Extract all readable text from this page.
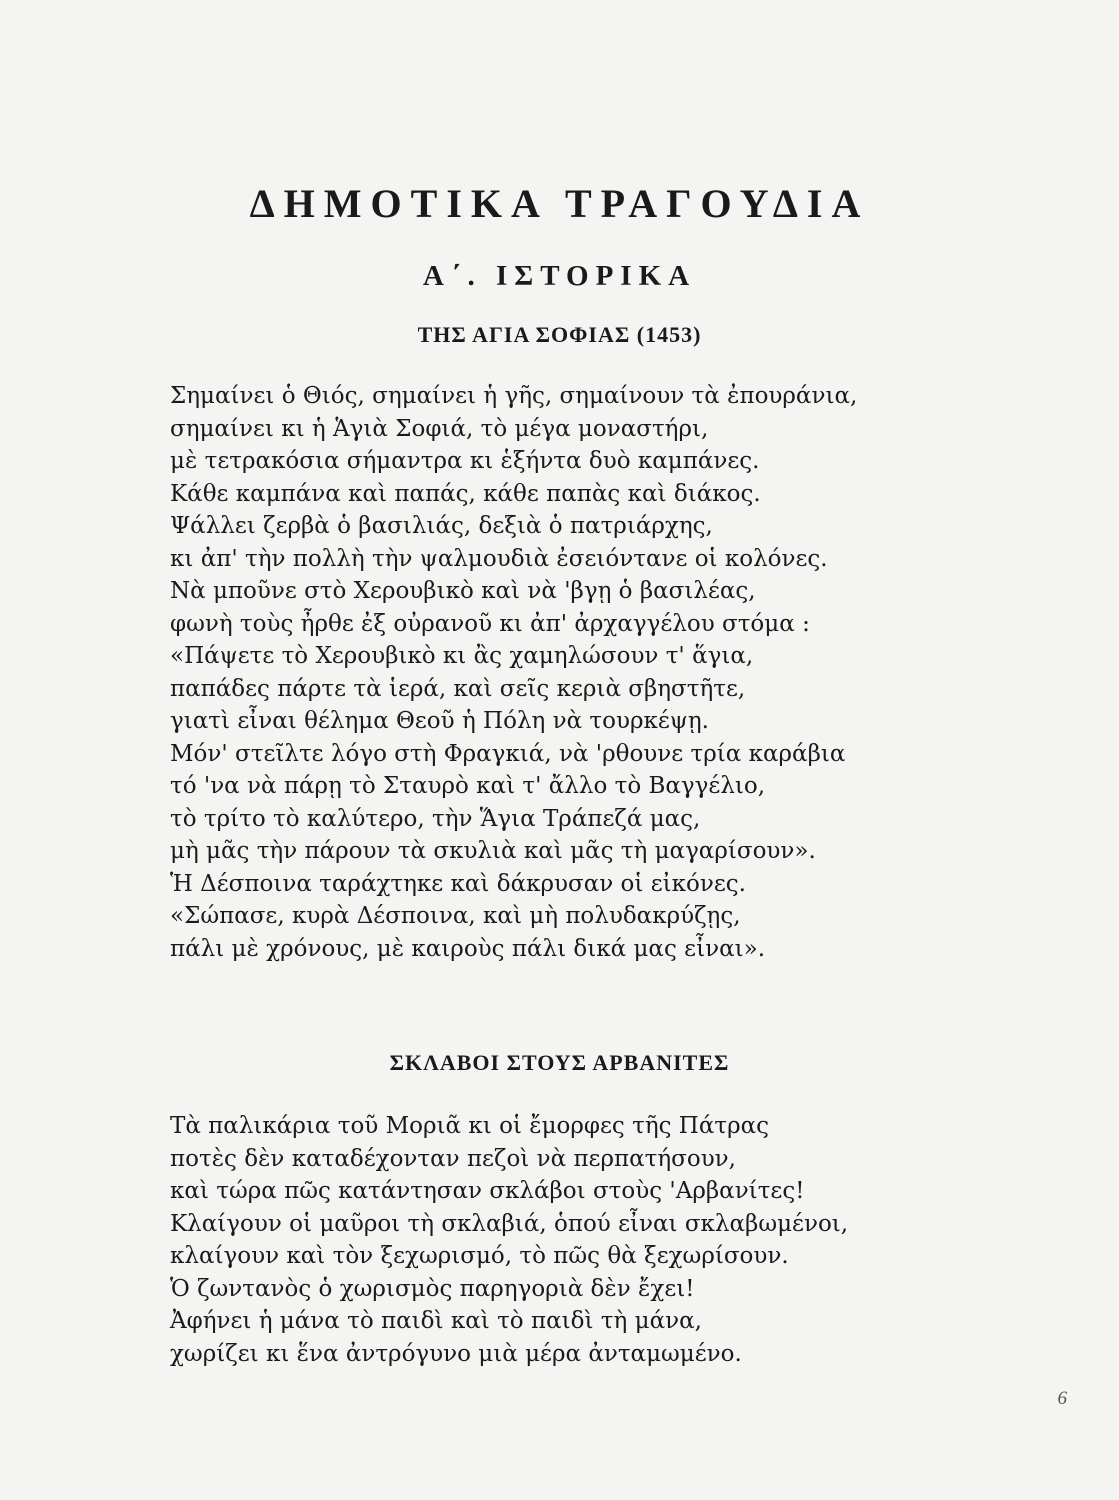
ΔΗΜΟΤΙΚΑ ΤΡΑΓΟΥΔΙΑ
Α΄. ΙΣΤΟΡΙΚΑ
ΤΗΣ ΑΓΙΑ ΣΟΦΙΑΣ (1453)
Σημαίνει ὁ Θιός, σημαίνει ἡ γῆς, σημαίνουν τὰ ἐπουράνια,
σημαίνει κι ἡ Ἁγιὰ Σοφιά, τὸ μέγα μοναστήρι,
μὲ τετρακόσια σήμαντρα κι ἑξήντα δυὸ καμπάνες.
Κάθε καμπάνα καὶ παπάς, κάθε παπὰς καὶ διάκος.
Ψάλλει ζερβὰ ὁ βασιλιάς, δεξιὰ ὁ πατριάρχης,
κι ἀπ' τὴν πολλὴ τὴν ψαλμουδιὰ ἐσειόντανε οἱ κολόνες.
Νὰ μποῦνε στὸ Χερουβικὸ καὶ νὰ 'βγῃ ὁ βασιλέας,
φωνὴ τοὺς ἦρθε ἐξ οὐρανοῦ κι ἀπ' ἀρχαγγέλου στόμα :
«Πάψετε τὸ Χερουβικὸ κι ἂς χαμηλώσουν τ' ἅγια,
παπάδες πάρτε τὰ ἱερά, καὶ σεῖς κεριὰ σβηστῆτε,
γιατὶ εἶναι θέλημα Θεοῦ ἡ Πόλη νὰ τουρκέψῃ.
Μόν' στεῖλτε λόγο στὴ Φραγκιά, νὰ 'ρθουνε τρία καράβια
τό 'να νὰ πάρῃ τὸ Σταυρὸ καὶ τ' ἄλλο τὸ Βαγγέλιο,
τὸ τρίτο τὸ καλύτερο, τὴν Ἅγια Τράπεζά μας,
μὴ μᾶς τὴν πάρουν τὰ σκυλιὰ καὶ μᾶς τὴ μαγαρίσουν».
Ἡ Δέσποινα ταράχτηκε καὶ δάκρυσαν οἱ εἰκόνες.
«Σώπασε, κυρὰ Δέσποινα, καὶ μὴ πολυδακρύζῃς,
πάλι μὲ χρόνους, μὲ καιροὺς πάλι δικά μας εἶναι».
ΣΚΛΑΒΟΙ ΣΤΟΥΣ ΑΡΒΑΝΙΤΕΣ
Τὰ παλικάρια τοῦ Μοριᾶ κι οἱ ἔμορφες τῆς Πάτρας
ποτὲς δὲν καταδέχονταν πεζοὶ νὰ περπατήσουν,
καὶ τώρα πῶς κατάντησαν σκλάβοι στοὺς 'Αρβανίτες!
Κλαίγουν οἱ μαῦροι τὴ σκλαβιά, ὁπού εἶναι σκλαβωμένοι,
κλαίγουν καὶ τὸν ξεχωρισμό, τὸ πῶς θὰ ξεχωρίσουν.
Ὁ ζωντανὸς ὁ χωρισμὸς παρηγοριὰ δὲν ἔχει!
Ἀφήνει ἡ μάνα τὸ παιδὶ καὶ τὸ παιδὶ τὴ μάνα,
χωρίζει κι ἕνα ἀντρόγυνο μιὰ μέρα ἀνταμωμένο.
6
